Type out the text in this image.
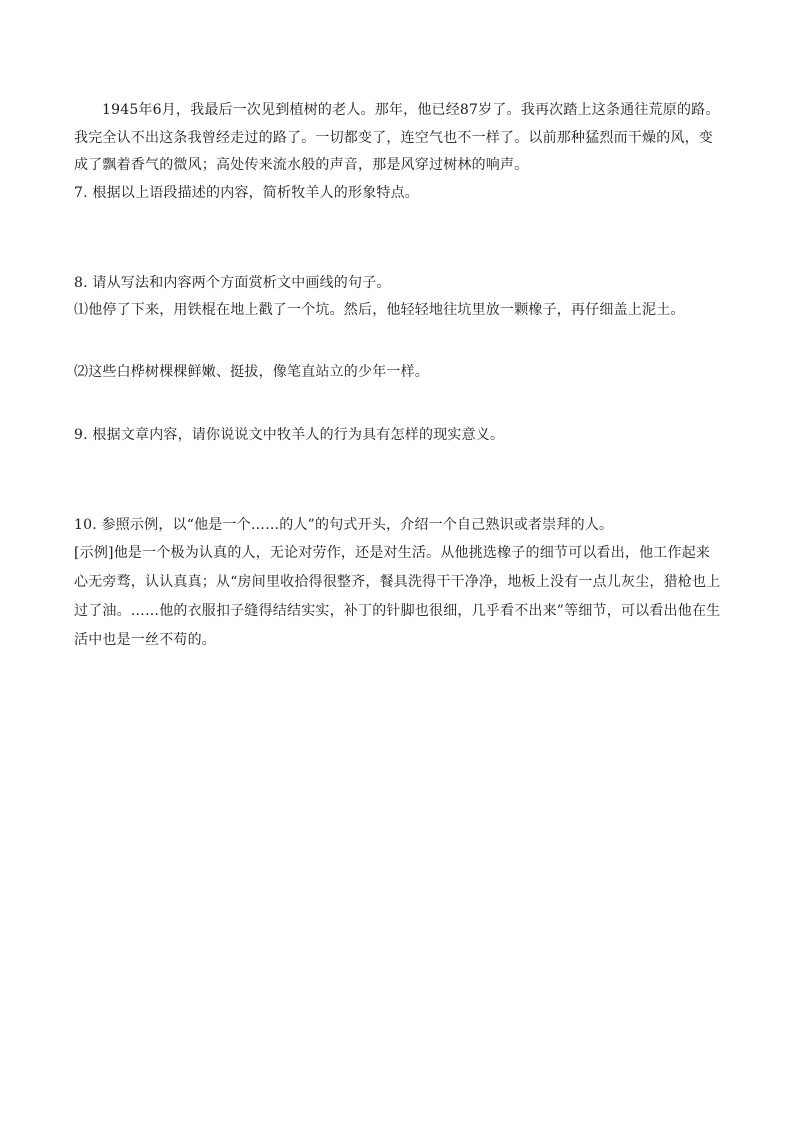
1945年6月，我最后一次见到植树的老人。那年，他已经87岁了。我再次踏上这条通往荒原的路。我完全认不出这条我曾经走过的路了。一切都变了，连空气也不一样了。以前那种猛烈而干燥的风，变成了飘着香气的微风；高处传来流水般的声音，那是风穿过树林的响声。

7. 根据以上语段描述的内容，简析牧羊人的形象特点。

8. 请从写法和内容两个方面赏析文中画线的句子。

⑴他停了下来，用铁棍在地上戳了一个坑。然后，他轻轻地往坑里放一颗橡子，再仔细盖上泥土。

⑵这些白桦树棵棵鲜嫩、挺拔，像笔直站立的少年一样。

9. 根据文章内容，请你说说文中牧羊人的行为具有怎样的现实意义。

10. 参照示例，以“他是一个……的人”的句式开头，介绍一个自己熟识或者崇拜的人。

[示例]他是一个极为认真的人，无论对劳作，还是对生活。从他挑选橡子的细节可以看出，他工作起来心无旁骛，认认真真；从“房间里收拾得很整齐，餐具洗得干干净净，地板上没有一点儿灰尘，猎枪也上过了油。……他的衣服扣子缝得结结实实，补丁的针脚也很细，几乎看不出来”等细节，可以看出他在生活中也是一丝不苟的。
